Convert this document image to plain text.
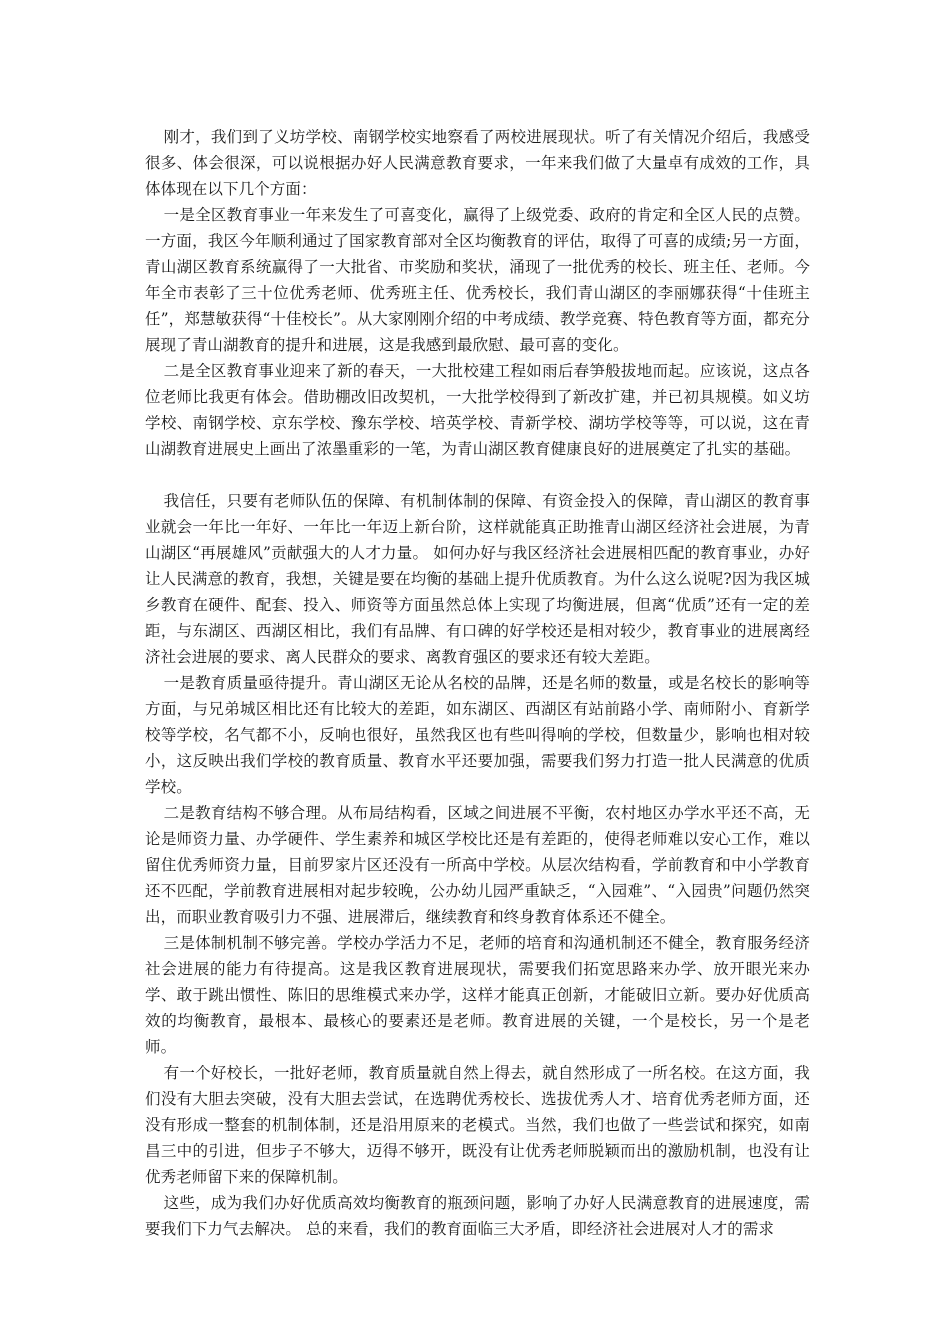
刚才，我们到了义坊学校、南钢学校实地察看了两校进展现状。听了有关情况介绍后，我感受很多、体会很深，可以说根据办好人民满意教育要求，一年来我们做了大量卓有成效的工作，具体体现在以下几个方面：

一是全区教育事业一年来发生了可喜变化，赢得了上级党委、政府的肯定和全区人民的点赞。一方面，我区今年顺利通过了国家教育部对全区均衡教育的评估，取得了可喜的成绩;另一方面，青山湖区教育系统赢得了一大批省、市奖励和奖状，涌现了一批优秀的校长、班主任、老师。今年全市表彰了三十位优秀老师、优秀班主任、优秀校长，我们青山湖区的李丽娜获得“十佳班主任”，郑慧敏获得“十佳校长”。从大家刚刚介绍的中考成绩、教学竞赛、特色教育等方面，都充分展现了青山湖教育的提升和进展，这是我感到最欣慰、最可喜的变化。

二是全区教育事业迎来了新的春天，一大批校建工程如雨后春笋般拔地而起。应该说，这点各位老师比我更有体会。借助棚改旧改契机，一大批学校得到了新改扩建，并已初具规模。如义坊学校、南钢学校、京东学校、豫东学校、培英学校、青新学校、湖坊学校等等，可以说，这在青山湖教育进展史上画出了浓墨重彩的一笔，为青山湖区教育健康良好的进展奠定了扎实的基础。

我信任，只要有老师队伍的保障、有机制体制的保障、有资金投入的保障，青山湖区的教育事业就会一年比一年好、一年比一年迈上新台阶，这样就能真正助推青山湖区经济社会进展，为青山湖区“再展雄风”贡献强大的人才力量。 如何办好与我区经济社会进展相匹配的教育事业，办好让人民满意的教育，我想，关键是要在均衡的基础上提升优质教育。为什么这么说呢?因为我区城乡教育在硬件、配套、投入、师资等方面虽然总体上实现了均衡进展，但离“优质”还有一定的差距，与东湖区、西湖区相比，我们有品牌、有口碑的好学校还是相对较少，教育事业的进展离经济社会进展的要求、离人民群众的要求、离教育强区的要求还有较大差距。

一是教育质量亟待提升。青山湖区无论从名校的品牌，还是名师的数量，或是名校长的影响等方面，与兄弟城区相比还有比较大的差距，如东湖区、西湖区有站前路小学、南师附小、育新学校等学校，名气都不小，反响也很好，虽然我区也有些叫得响的学校，但数量少，影响也相对较小，这反映出我们学校的教育质量、教育水平还要加强，需要我们努力打造一批人民满意的优质学校。

二是教育结构不够合理。从布局结构看，区域之间进展不平衡，农村地区办学水平还不高，无论是师资力量、办学硬件、学生素养和城区学校比还是有差距的，使得老师难以安心工作，难以留住优秀师资力量，目前罗家片区还没有一所高中学校。从层次结构看，学前教育和中小学教育还不匹配，学前教育进展相对起步较晚，公办幼儿园严重缺乏，“入园难”、“入园贵”问题仍然突出，而职业教育吸引力不强、进展滞后，继续教育和终身教育体系还不健全。

三是体制机制不够完善。学校办学活力不足，老师的培育和沟通机制还不健全，教育服务经济社会进展的能力有待提高。这是我区教育进展现状，需要我们拓宽思路来办学、放开眼光来办学、敢于跳出惯性、陈旧的思维模式来办学，这样才能真正创新，才能破旧立新。要办好优质高效的均衡教育，最根本、最核心的要素还是老师。教育进展的关键，一个是校长，另一个是老师。

有一个好校长，一批好老师，教育质量就自然上得去，就自然形成了一所名校。在这方面，我们没有大胆去突破，没有大胆去尝试，在选聘优秀校长、选拔优秀人才、培育优秀老师方面，还没有形成一整套的机制体制，还是沿用原来的老模式。当然，我们也做了一些尝试和探究，如南昌三中的引进，但步子不够大，迈得不够开，既没有让优秀老师脱颖而出的激励机制，也没有让优秀老师留下来的保障机制。

这些，成为我们办好优质高效均衡教育的瓶颈问题，影响了办好人民满意教育的进展速度，需要我们下力气去解决。 总的来看，我们的教育面临三大矛盾，即经济社会进展对人才的需求
